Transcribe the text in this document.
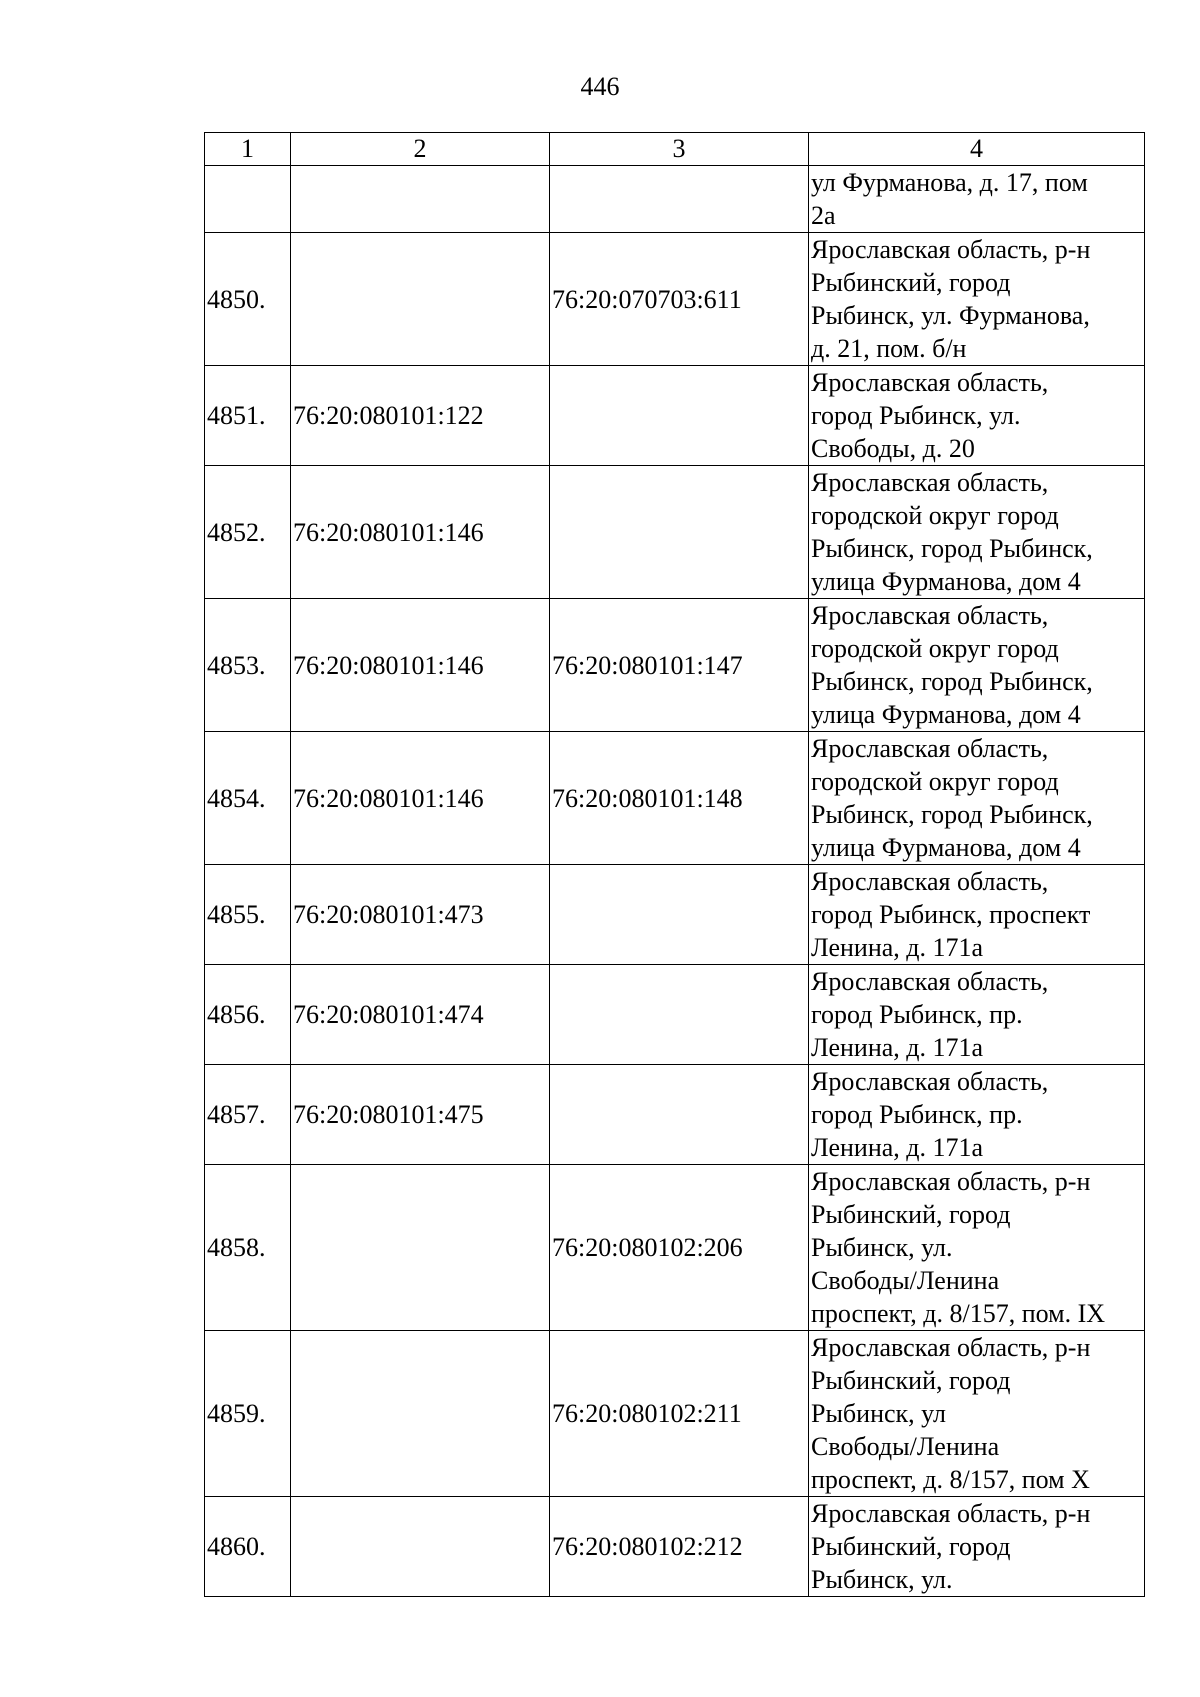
446
1	2	3	4

			ул Фурманова, д. 17, пом
2а

4850.		76:20:070703:611	Ярославская область, р-н
Рыбинский, город
Рыбинск, ул. Фурманова,
д. 21, пом. б/н

4851.	76:20:080101:122		Ярославская область,
город Рыбинск, ул.
Свободы, д. 20

4852.	76:20:080101:146		Ярославская область,
городской округ город
Рыбинск, город Рыбинск,
улица Фурманова, дом 4

4853.	76:20:080101:146	76:20:080101:147	Ярославская область,
городской округ город
Рыбинск, город Рыбинск,
улица Фурманова, дом 4

4854.	76:20:080101:146	76:20:080101:148	Ярославская область,
городской округ город
Рыбинск, город Рыбинск,
улица Фурманова, дом 4

4855.	76:20:080101:473		Ярославская область,
город Рыбинск, проспект
Ленина, д. 171а

4856.	76:20:080101:474		Ярославская область,
город Рыбинск, пр.
Ленина, д. 171а

4857.	76:20:080101:475		Ярославская область,
город Рыбинск, пр.
Ленина, д. 171а

4858.		76:20:080102:206	Ярославская область, р-н
Рыбинский, город
Рыбинск, ул.
Свободы/Ленина
проспект, д. 8/157, пом. IX

4859.		76:20:080102:211	Ярославская область, р-н
Рыбинский, город
Рыбинск, ул
Свободы/Ленина
проспект, д. 8/157, пом X

4860.		76:20:080102:212	Ярославская область, р-н
Рыбинский, город
Рыбинск, ул.
